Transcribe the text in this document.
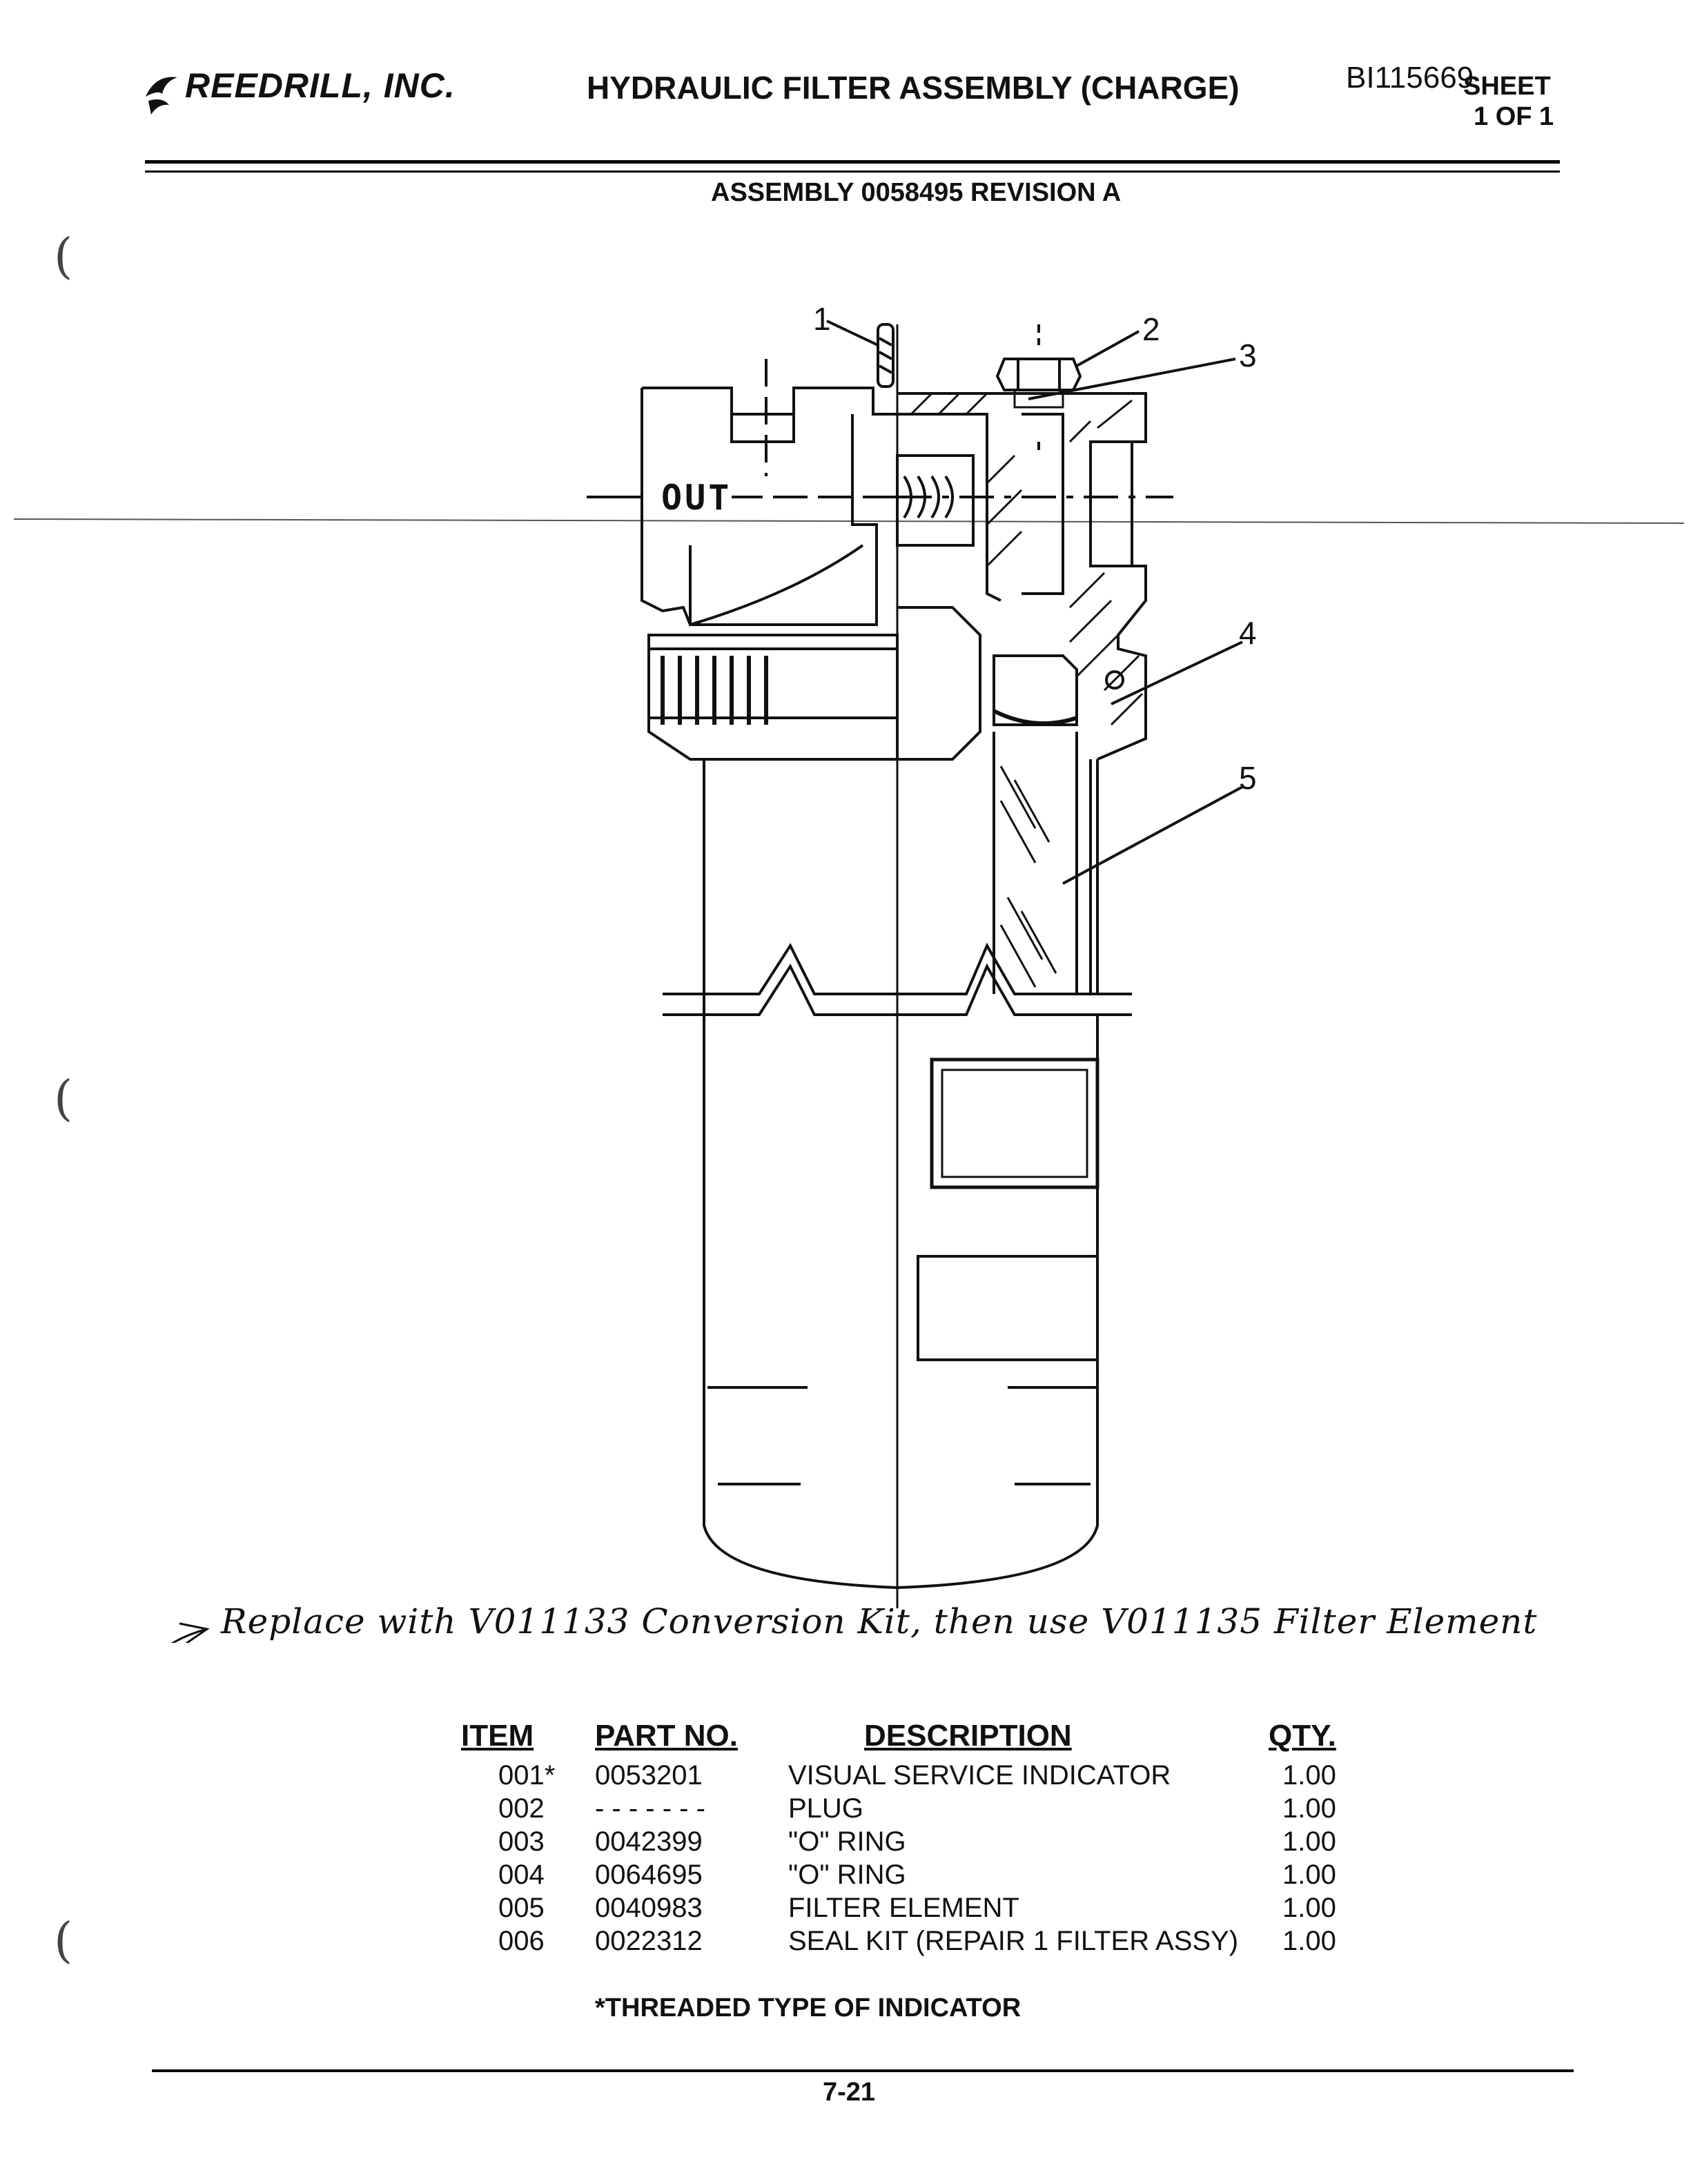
REEDRILL, INC.	HYDRAULIC FILTER ASSEMBLY (CHARGE)	BI115669
SHEET
1 OF 1
ASSEMBLY 0058495 REVISION A
(
(
(
OUT
1	2
3
4
5
Replace with V011133 Conversion Kit, then use V011135 Filter Element
ITEM PART NO.	DESCRIPTION	QTY.
001* 0053201	VISUAL SERVICE INDICATOR	1.00
002 - - - - - - -	PLUG	1.00
003 0042399	"O" RING	1.00
004 0064695	"O" RING	1.00
005 0040983	FILTER ELEMENT	1.00
006 0022312	SEAL KIT (REPAIR 1 FILTER ASSY) 1.00
*THREADED TYPE OF INDICATOR
7-21
